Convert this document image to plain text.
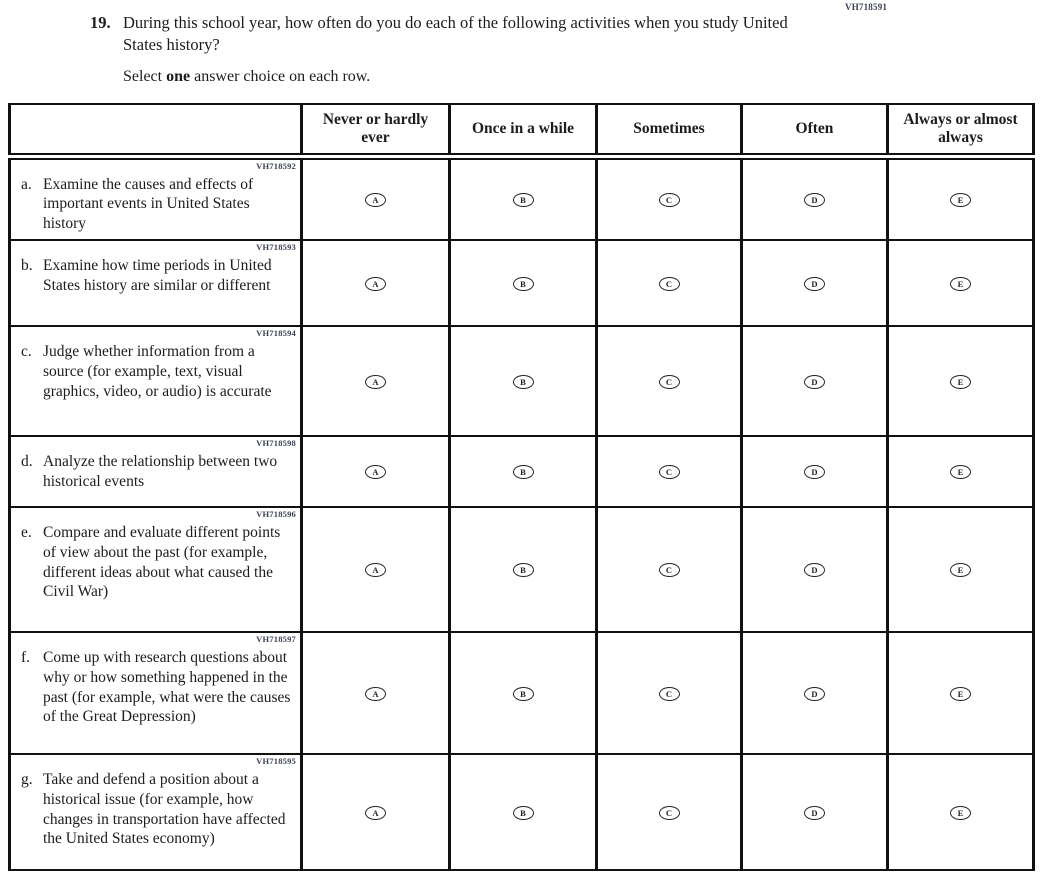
VH718591
19. During this school year, how often do you do each of the following activities when you study United States history?
Select one answer choice on each row.
	Never or hardly ever	Once in a while	Sometimes	Often	Always or almost always

VH718592
a. Examine the causes and effects of important events in United States history	A	B	C	D	E

VH718593
b. Examine how time periods in United States history are similar or different	A	B	C	D	E

VH718594
c. Judge whether information from a source (for example, text, visual graphics, video, or audio) is accurate	A	B	C	D	E

VH718598
d. Analyze the relationship between two historical events	A	B	C	D	E

VH718596
e. Compare and evaluate different points of view about the past (for example, different ideas about what caused the Civil War)	A	B	C	D	E

VH718597
f. Come up with research questions about why or how something happened in the past (for example, what were the causes of the Great Depression)	A	B	C	D	E

VH718595
g. Take and defend a position about a historical issue (for example, how changes in transportation have affected the United States economy)	A	B	C	D	E
